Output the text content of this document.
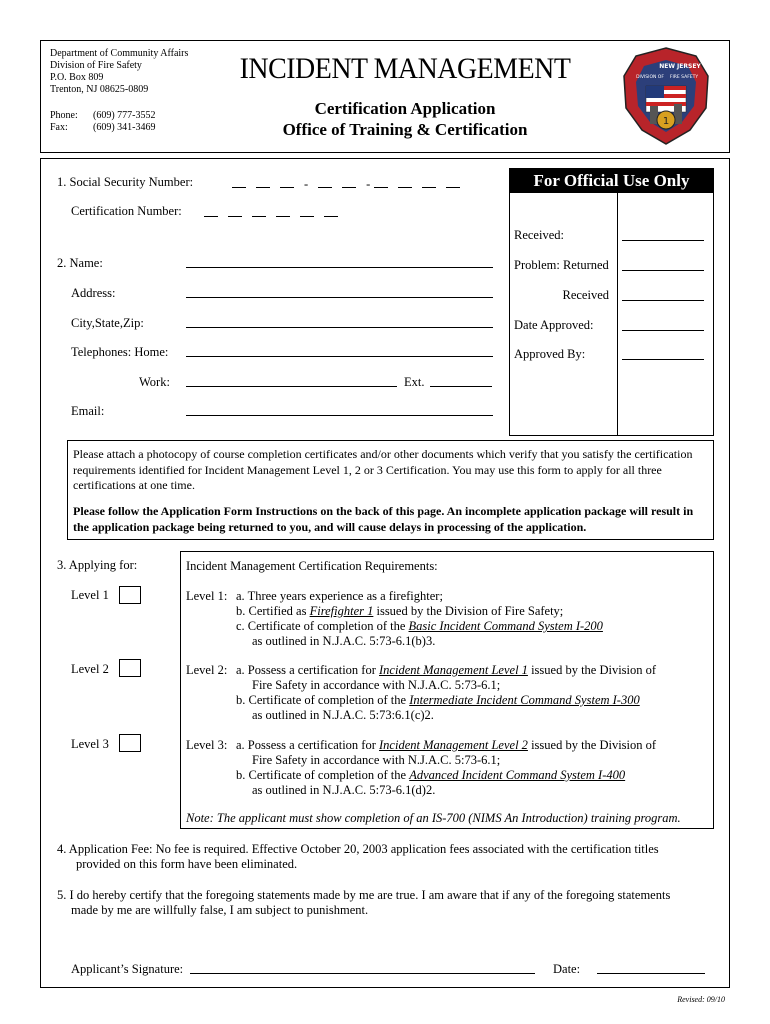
Department of Community Affairs
Division of Fire Safety
P.O. Box 809
Trenton, NJ 08625-0809
Phone: (609) 777-3552
Fax:	(609) 341-3469
INCIDENT MANAGEMENT
Certification Application
Office of Training & Certification	1
NEW JERSEY
DIVISION OF FIRE SAFETY
1. Social Security Number:	-	-
Certification Number:
2. Name:
Address:
City,State,Zip:
Telephones: Home:
Work:	Ext.
Email:
For Official Use Only
Received:
Problem: Returned
Received
Date Approved:
Approved By:
Please attach a photocopy of course completion certificates and/or other documents which verify that you satisfy the certification requirements identified for Incident Management Level 1, 2 or 3 Certification. You may use this form to apply for all three certifications at one time.
Please follow the Application Form Instructions on the back of this page. An incomplete application package will result in the application package being returned to you, and will cause delays in processing of the application.
3. Applying for:
Level 1
Level 2
Level 3
Incident Management Certification Requirements:
Level 1: a. Three years experience as a firefighter;
b. Certified as Firefighter 1 issued by the Division of Fire Safety;
c. Certificate of completion of the Basic Incident Command System I-200
as outlined in N.J.A.C. 5:73-6.1(b)3.
Level 2: a. Possess a certification for Incident Management Level 1 issued by the Division of
Fire Safety in accordance with N.J.A.C. 5:73-6.1;
b. Certificate of completion of the Intermediate Incident Command System I-300
as outlined in N.J.A.C. 5:73:6.1(c)2.
Level 3: a. Possess a certification for Incident Management Level 2 issued by the Division of
Fire Safety in accordance with N.J.A.C. 5:73-6.1;
b. Certificate of completion of the Advanced Incident Command System I-400
as outlined in N.J.A.C. 5:73-6.1(d)2.
Note: The applicant must show completion of an IS-700 (NIMS An Introduction) training program.
4. Application Fee: No fee is required. Effective October 20, 2003 application fees associated with the certification titles
provided on this form have been eliminated.
5. I do hereby certify that the foregoing statements made by me are true. I am aware that if any of the foregoing statements
made by me are willfully false, I am subject to punishment.
Applicant’s Signature:	Date:
Revised: 09/10
